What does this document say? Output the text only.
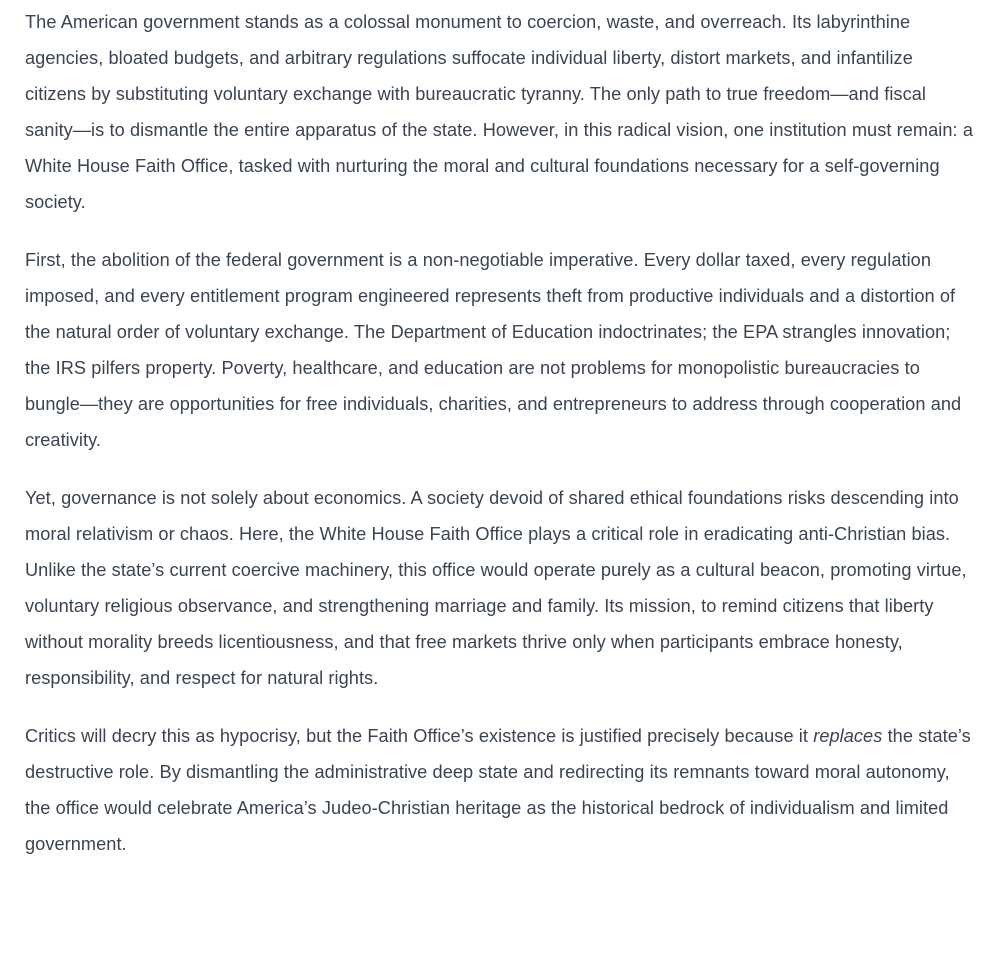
The American government stands as a colossal monument to coercion, waste, and overreach. Its labyrinthine agencies, bloated budgets, and arbitrary regulations suffocate individual liberty, distort markets, and infantilize citizens by substituting voluntary exchange with bureaucratic tyranny. The only path to true freedom—and fiscal sanity—is to dismantle the entire apparatus of the state. However, in this radical vision, one institution must remain: a White House Faith Office, tasked with nurturing the moral and cultural foundations necessary for a self-governing society.

First, the abolition of the federal government is a non-negotiable imperative. Every dollar taxed, every regulation imposed, and every entitlement program engineered represents theft from productive individuals and a distortion of the natural order of voluntary exchange. The Department of Education indoctrinates; the EPA strangles innovation; the IRS pilfers property. Poverty, healthcare, and education are not problems for monopolistic bureaucracies to bungle—they are opportunities for free individuals, charities, and entrepreneurs to address through cooperation and creativity.

Yet, governance is not solely about economics. A society devoid of shared ethical foundations risks descending into moral relativism or chaos. Here, the White House Faith Office plays a critical role in eradicating anti-Christian bias. Unlike the state’s current coercive machinery, this office would operate purely as a cultural beacon, promoting virtue, voluntary religious observance, and strengthening marriage and family. Its mission, to remind citizens that liberty without morality breeds licentiousness, and that free markets thrive only when participants embrace honesty, responsibility, and respect for natural rights.

Critics will decry this as hypocrisy, but the Faith Office’s existence is justified precisely because it replaces the state’s destructive role. By dismantling the administrative deep state and redirecting its remnants toward moral autonomy, the office would celebrate America’s Judeo-Christian heritage as the historical bedrock of individualism and limited government.
